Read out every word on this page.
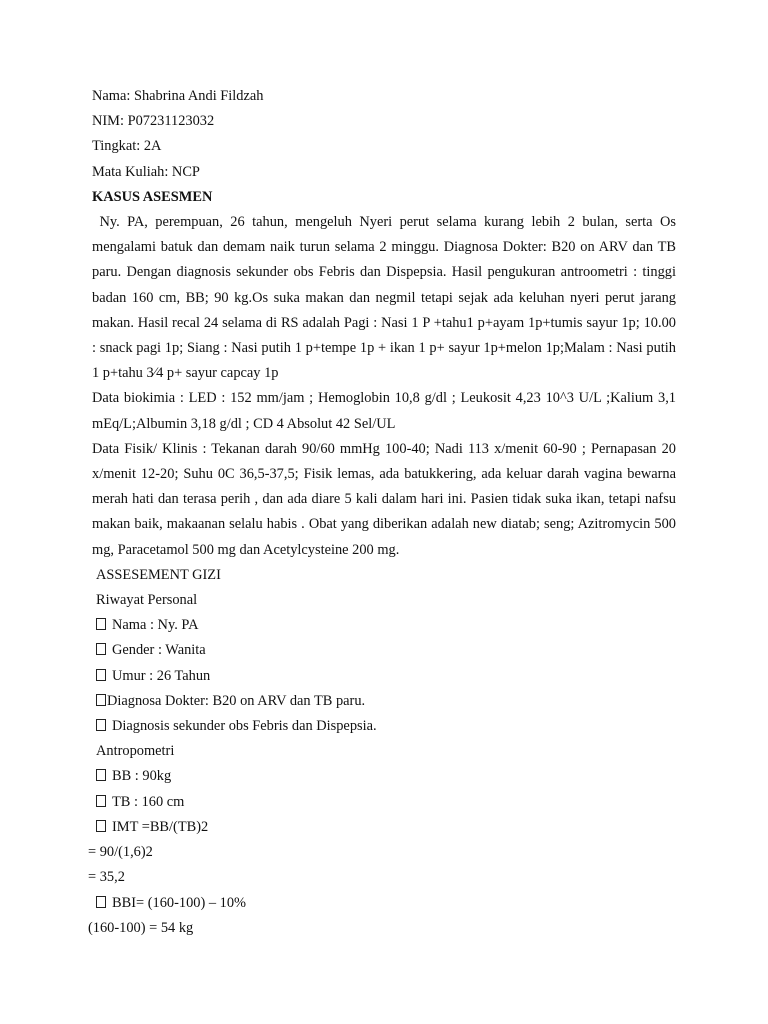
Nama: Shabrina Andi Fildzah
NIM: P07231123032
Tingkat: 2A
Mata Kuliah: NCP
KASUS ASESMEN
Ny. PA, perempuan, 26 tahun, mengeluh Nyeri perut selama kurang lebih 2 bulan, serta Os mengalami batuk dan demam naik turun selama 2 minggu. Diagnosa Dokter: B20 on ARV dan TB paru. Dengan diagnosis sekunder obs Febris dan Dispepsia. Hasil pengukuran antroometri : tinggi badan 160 cm, BB; 90 kg.Os suka makan dan negmil tetapi sejak ada keluhan nyeri perut jarang makan. Hasil recal 24 selama di RS adalah Pagi : Nasi 1 P +tahu1 p+ayam 1p+tumis sayur 1p; 10.00 : snack pagi 1p; Siang : Nasi putih 1 p+tempe 1p + ikan 1 p+ sayur 1p+melon 1p;Malam : Nasi putih 1 p+tahu 3⁄4 p+ sayur capcay 1p
Data biokimia : LED : 152 mm/jam ; Hemoglobin 10,8 g/dl ; Leukosit 4,23 10^3 U/L ;Kalium 3,1 mEq/L;Albumin 3,18 g/dl ; CD 4 Absolut 42 Sel/UL
Data Fisik/ Klinis : Tekanan darah 90/60 mmHg 100-40; Nadi 113 x/menit 60-90 ; Pernapasan 20 x/menit 12-20; Suhu 0C 36,5-37,5; Fisik lemas, ada batukkering, ada keluar darah vagina bewarna merah hati dan terasa perih , dan ada diare 5 kali dalam hari ini. Pasien tidak suka ikan, tetapi nafsu makan baik, makaanan selalu habis . Obat yang diberikan adalah new diatab; seng; Azitromycin 500 mg, Paracetamol 500 mg dan Acetylcysteine 200 mg.
ASSESEMENT GIZI
Riwayat Personal
Nama : Ny. PA
Gender : Wanita
Umur : 26 Tahun
Diagnosa Dokter: B20 on ARV dan TB paru.
Diagnosis sekunder obs Febris dan Dispepsia.
Antropometri
BB : 90kg
TB : 160 cm
IMT =BB/(TB)2
= 90/(1,6)2
= 35,2
BBI= (160-100) – 10%
(160-100) = 54 kg
